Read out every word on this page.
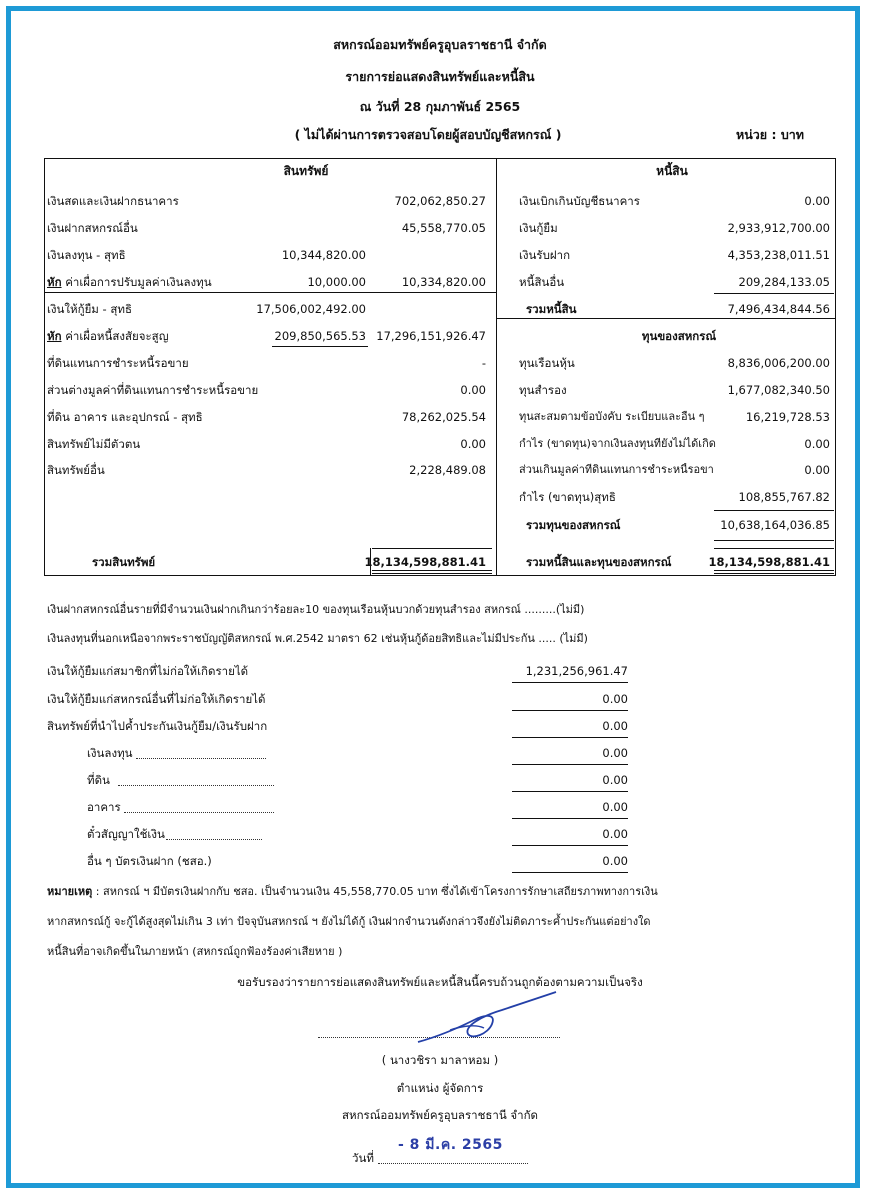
สหกรณ์ออมทรัพย์ครูอุบลราชธานี จำกัด
รายการย่อแสดงสินทรัพย์และหนี้สิน
ณ วันที่ 28 กุมภาพันธ์ 2565
( ไม่ได้ผ่านการตรวจสอบโดยผู้สอบบัญชีสหกรณ์ )	หน่วย : บาท
สินทรัพย์
เงินสดและเงินฝากธนาคาร	702,062,850.27
เงินฝากสหกรณ์อื่น	45,558,770.05
เงินลงทุน - สุทธิ	10,344,820.00
หัก ค่าเผื่อการปรับมูลค่าเงินลงทุน	10,000.00	10,334,820.00
เงินให้กู้ยืม - สุทธิ	17,506,002,492.00
หัก ค่าเผื่อหนี้สงสัยจะสูญ	209,850,565.53 17,296,151,926.47
ที่ดินแทนการชำระหนี้รอขาย	-
ส่วนต่างมูลค่าที่ดินแทนการชำระหนี้รอขาย	0.00
ที่ดิน อาคาร และอุปกรณ์ - สุทธิ	78,262,025.54
สินทรัพย์ไม่มีตัวตน	0.00
สินทรัพย์อื่น	2,228,489.08
รวมสินทรัพย์	18,134,598,881.41
หนี้สิน
เงินเบิกเกินบัญชีธนาคาร	0.00
เงินกู้ยืม	2,933,912,700.00
เงินรับฝาก	4,353,238,011.51
หนี้สินอื่น	209,284,133.05
รวมหนี้สิน	7,496,434,844.56
ทุนของสหกรณ์
ทุนเรือนหุ้น	8,836,006,200.00
ทุนสำรอง	1,677,082,340.50
ทุนสะสมตามข้อบังคับ ระเบียบและอื่น ๆ	16,219,728.53
กำไร (ขาดทุน)จากเงินลงทุนที่ยังไม่ได้เกิด	0.00
ส่วนเกินมูลค่าที่ดินแทนการชำระหนี้รอขา	0.00
กำไร (ขาดทุน)สุทธิ	108,855,767.82
รวมทุนของสหกรณ์	10,638,164,036.85
รวมหนี้สินและทุนของสหกรณ์	18,134,598,881.41
เงินฝากสหกรณ์อื่นรายที่มีจำนวนเงินฝากเกินกว่าร้อยละ10 ของทุนเรือนหุ้นบวกด้วยทุนสำรอง สหกรณ์ .........(ไม่มี)
เงินลงทุนที่นอกเหนือจากพระราชบัญญัติสหกรณ์ พ.ศ.2542 มาตรา 62 เช่นหุ้นกู้ด้อยสิทธิและไม่มีประกัน ..... (ไม่มี)
เงินให้กู้ยืมแก่สมาชิกที่ไม่ก่อให้เกิดรายได้	1,231,256,961.47
เงินให้กู้ยืมแก่สหกรณ์อื่นที่ไม่ก่อให้เกิดรายได้	0.00
สินทรัพย์ที่นำไปค้ำประกันเงินกู้ยืม/เงินรับฝาก	0.00
เงินลงทุน	0.00
ที่ดิน	0.00
อาคาร	0.00
ตั๋วสัญญาใช้เงิน	0.00
อื่น ๆ บัตรเงินฝาก (ชสอ.)	0.00
หมายเหตุ : สหกรณ์ ฯ มีบัตรเงินฝากกับ ชสอ. เป็นจำนวนเงิน 45,558,770.05 บาท ซึ่งได้เข้าโครงการรักษาเสถียรภาพทางการเงิน
หากสหกรณ์กู้ จะกู้ได้สูงสุดไม่เกิน 3 เท่า ปัจจุบันสหกรณ์ ฯ ยังไม่ได้กู้ เงินฝากจำนวนดังกล่าวจึงยังไม่ติดภาระค้ำประกันแต่อย่างใด
หนี้สินที่อาจเกิดขึ้นในภายหน้า (สหกรณ์ถูกฟ้องร้องค่าเสียหาย )
ขอรับรองว่ารายการย่อแสดงสินทรัพย์และหนี้สินนี้ครบถ้วนถูกต้องตามความเป็นจริง
( นางวชิรา มาลาหอม )
ตำแหน่ง ผู้จัดการ
สหกรณ์ออมทรัพย์ครูอุบลราชธานี จำกัด
วันที่
- 8 มี.ค. 2565
